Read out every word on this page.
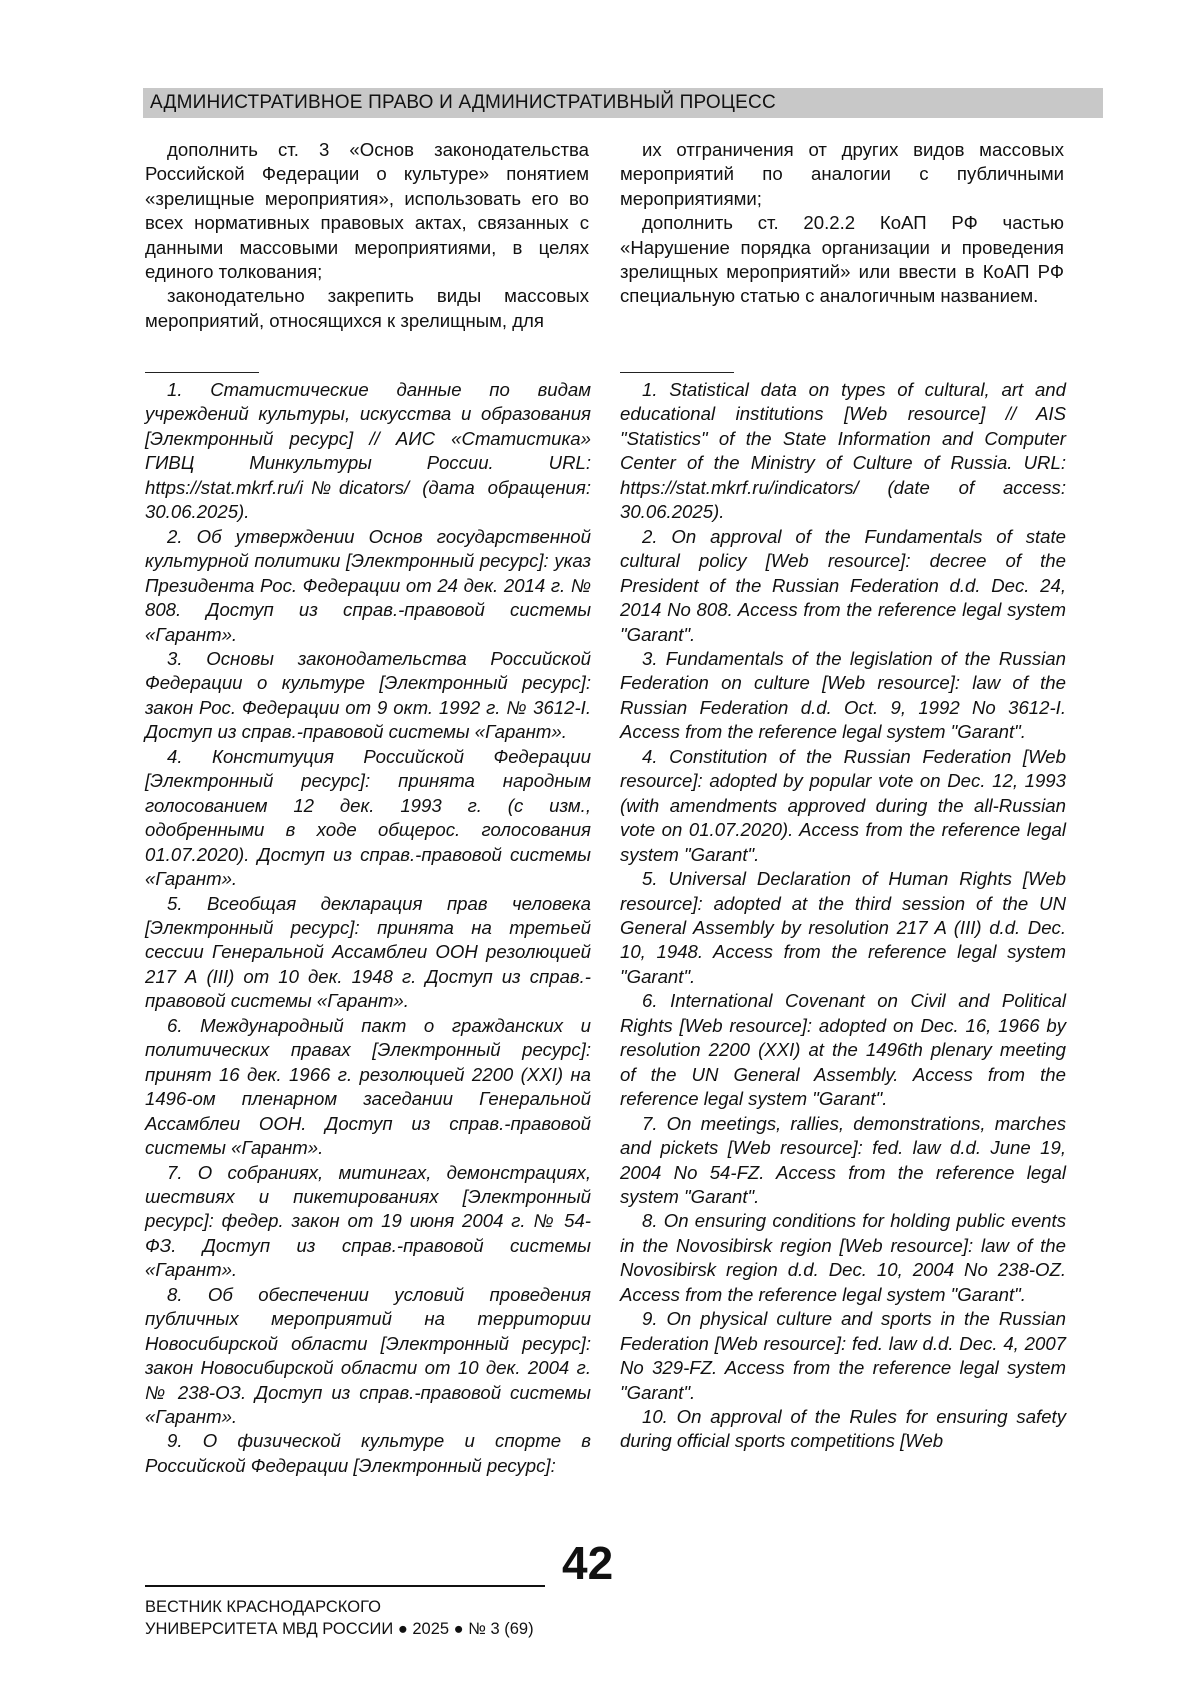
АДМИНИСТРАТИВНОЕ ПРАВО И АДМИНИСТРАТИВНЫЙ ПРОЦЕСС

дополнить ст. 3 «Основ законодательства Российской Федерации о культуре» понятием «зрелищные мероприятия», использовать его во всех нормативных правовых актах, связанных с данными массовыми мероприятиями, в целях единого толкования;

законодательно закрепить виды массовых мероприятий, относящихся к зрелищным, для

их отграничения от других видов массовых мероприятий по аналогии с публичными мероприятиями;

дополнить ст. 20.2.2 КоАП РФ частью «Нарушение порядка организации и проведения зрелищных мероприятий» или ввести в КоАП РФ специальную статью с аналогичным названием.

1. Статистические данные по видам учреждений культуры, искусства и образования [Электронный ресурс] // АИС «Статистика» ГИВЦ Минкультуры России. URL: https://stat.mkrf.ru/i№dicators/ (дата обращения: 30.06.2025).

2. Об утверждении Основ государственной культурной политики [Электронный ресурс]: указ Президента Рос. Федерации от 24 дек. 2014 г. № 808. Доступ из справ.-правовой системы «Гарант».

3. Основы законодательства Российской Федерации о культуре [Электронный ресурс]: закон Рос. Федерации от 9 окт. 1992 г. № 3612-I. Доступ из справ.-правовой системы «Гарант».

4. Конституция Российской Федерации [Электронный ресурс]: принята народным голосованием 12 дек. 1993 г. (с изм., одобренными в ходе общерос. голосования 01.07.2020). Доступ из справ.-правовой системы «Гарант».

5. Всеобщая декларация прав человека [Электронный ресурс]: принята на третьей сессии Генеральной Ассамблеи ООН резолюцией 217 А (III) от 10 дек. 1948 г. Доступ из справ.-правовой системы «Гарант».

6. Международный пакт о гражданских и политических правах [Электронный ресурс]: принят 16 дек. 1966 г. резолюцией 2200 (XXI) на 1496-ом пленарном заседании Генеральной Ассамблеи ООН. Доступ из справ.-правовой системы «Гарант».

7. О собраниях, митингах, демонстрациях, шествиях и пикетированиях [Электронный ресурс]: федер. закон от 19 июня 2004 г. № 54-ФЗ. Доступ из справ.-правовой системы «Гарант».

8. Об обеспечении условий проведения публичных мероприятий на территории Новосибирской области [Электронный ресурс]: закон Новосибирской области от 10 дек. 2004 г. № 238-ОЗ. Доступ из справ.-правовой системы «Гарант».

9. О физической культуре и спорте в Российской Федерации [Электронный ресурс]:

1. Statistical data on types of cultural, art and educational institutions [Web resource] // AIS "Statistics" of the State Information and Computer Center of the Ministry of Culture of Russia. URL: https://stat.mkrf.ru/indicators/ (date of access: 30.06.2025).

2. On approval of the Fundamentals of state cultural policy [Web resource]: decree of the President of the Russian Federation d.d. Dec. 24, 2014 No 808. Access from the reference legal system "Garant".

3. Fundamentals of the legislation of the Russian Federation on culture [Web resource]: law of the Russian Federation d.d. Oct. 9, 1992 No 3612-I. Access from the reference legal system "Garant".

4. Constitution of the Russian Federation [Web resource]: adopted by popular vote on Dec. 12, 1993 (with amendments approved during the all-Russian vote on 01.07.2020). Access from the reference legal system "Garant".

5. Universal Declaration of Human Rights [Web resource]: adopted at the third session of the UN General Assembly by resolution 217 A (III) d.d. Dec. 10, 1948. Access from the reference legal system "Garant".

6. International Covenant on Civil and Political Rights [Web resource]: adopted on Dec. 16, 1966 by resolution 2200 (XXI) at the 1496th plenary meeting of the UN General Assembly. Access from the reference legal system "Garant".

7. On meetings, rallies, demonstrations, marches and pickets [Web resource]: fed. law d.d. June 19, 2004 No 54-FZ. Access from the reference legal system "Garant".

8. On ensuring conditions for holding public events in the Novosibirsk region [Web resource]: law of the Novosibirsk region d.d. Dec. 10, 2004 No 238-OZ. Access from the reference legal system "Garant".

9. On physical culture and sports in the Russian Federation [Web resource]: fed. law d.d. Dec. 4, 2007 No 329-FZ. Access from the reference legal system "Garant".

10. On approval of the Rules for ensuring safety during official sports competitions [Web

42
ВЕСТНИК КРАСНОДАРСКОГО
УНИВЕРСИТЕТА МВД РОССИИ ● 2025 ● № 3 (69)
